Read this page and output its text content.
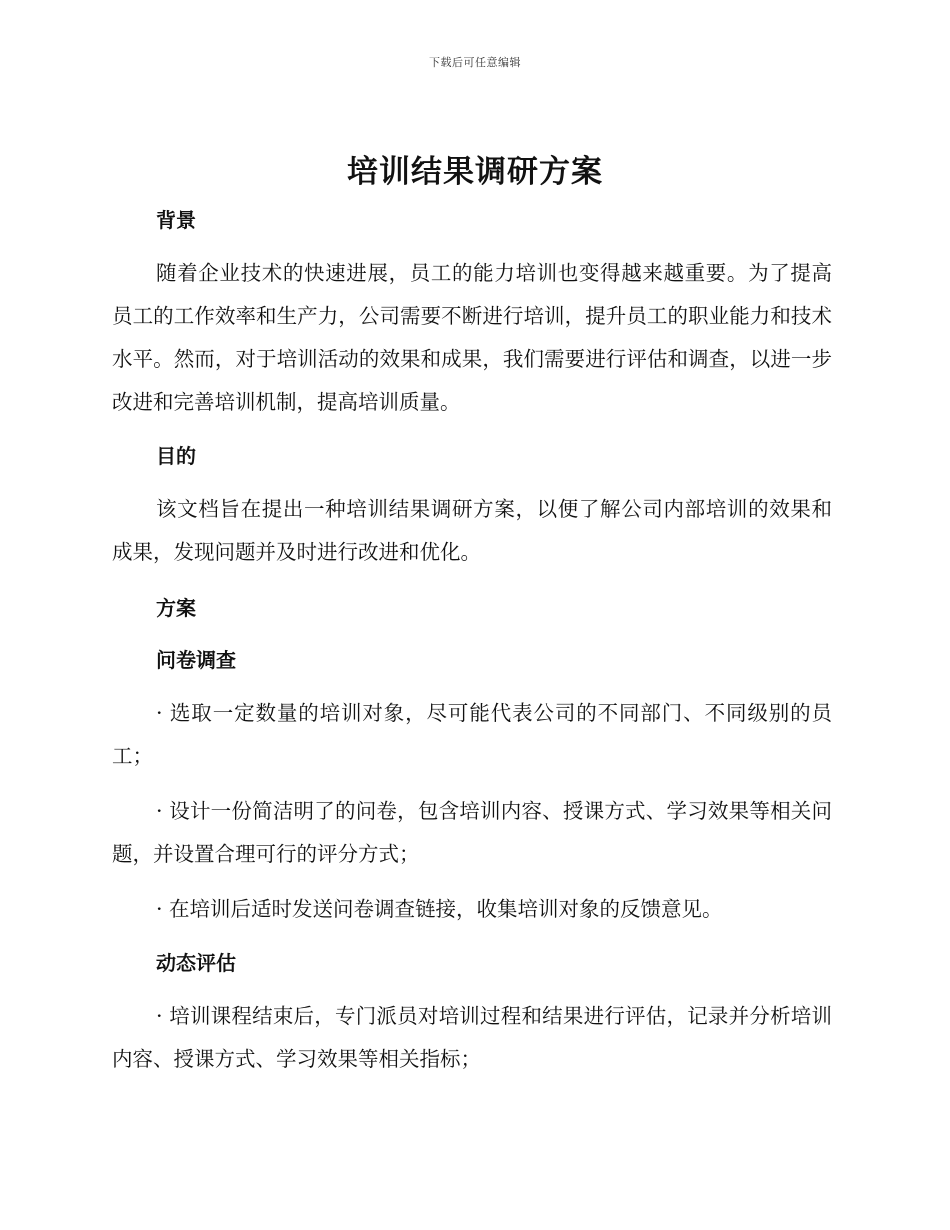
下载后可任意编辑
培训结果调研方案
背景

随着企业技术的快速进展，员工的能力培训也变得越来越重要。为了提高员工的工作效率和生产力，公司需要不断进行培训，提升员工的职业能力和技术水平。然而，对于培训活动的效果和成果，我们需要进行评估和调查，以进一步改进和完善培训机制，提高培训质量。

目的

该文档旨在提出一种培训结果调研方案，以便了解公司内部培训的效果和成果，发现问题并及时进行改进和优化。

方案
问卷调查

· 选取一定数量的培训对象，尽可能代表公司的不同部门、不同级别的员工；

· 设计一份简洁明了的问卷，包含培训内容、授课方式、学习效果等相关问题，并设置合理可行的评分方式；

· 在培训后适时发送问卷调查链接，收集培训对象的反馈意见。

动态评估

· 培训课程结束后，专门派员对培训过程和结果进行评估，记录并分析培训内容、授课方式、学习效果等相关指标；
